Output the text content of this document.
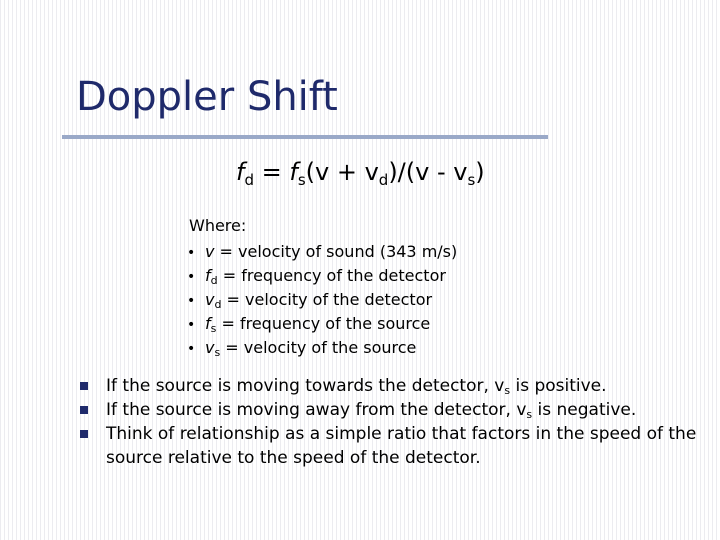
Doppler Shift
$f_d = f_s(v + v_d)/(v - v_s)$
Where:
• v = velocity of sound (343 m/s)
• $f_d$ = frequency of the detector
• $v_d$ = velocity of the detector
• $f_s$ = frequency of the source
• $v_s$ = velocity of the source
If the source is moving towards the detector, $v_s$ is positive.
If the source is moving away from the detector, $v_s$ is negative.
Think of relationship as a simple ratio that factors in the speed of the source relative to the speed of the detector.
